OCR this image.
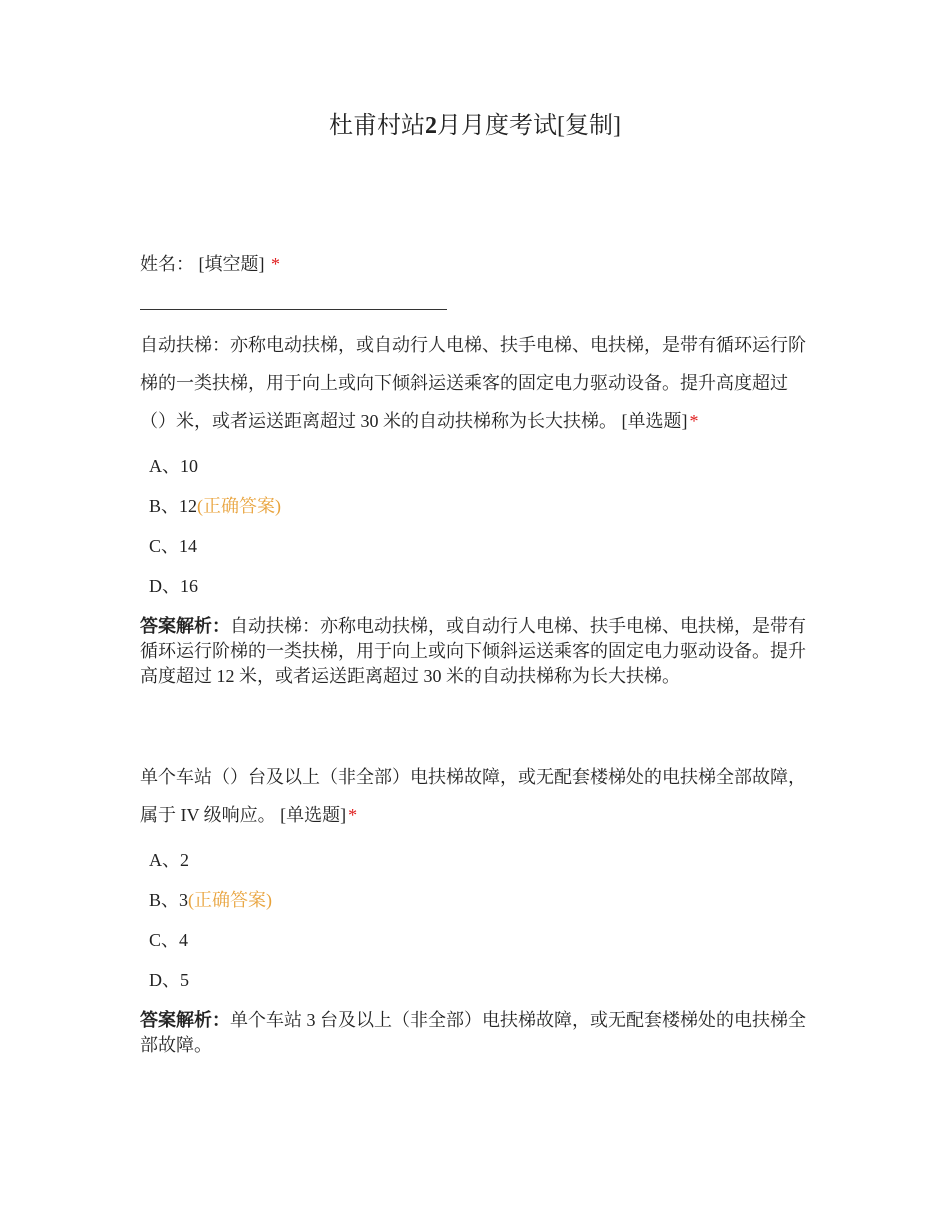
杜甫村站2月月度考试[复制]

姓名： [填空题] *

自动扶梯：亦称电动扶梯，或自动行人电梯、扶手电梯、电扶梯，是带有循环运行阶梯的一类扶梯，用于向上或向下倾斜运送乘客的固定电力驱动设备。提升高度超过（）米，或者运送距离超过 30 米的自动扶梯称为长大扶梯。 [单选题] *

A、10
B、12(正确答案)
C、14
D、16

答案解析：自动扶梯：亦称电动扶梯，或自动行人电梯、扶手电梯、电扶梯，是带有循环运行阶梯的一类扶梯，用于向上或向下倾斜运送乘客的固定电力驱动设备。提升高度超过 12 米，或者运送距离超过 30 米的自动扶梯称为长大扶梯。

单个车站（）台及以上（非全部）电扶梯故障，或无配套楼梯处的电扶梯全部故障，属于 IV 级响应。 [单选题] *

A、2
B、3(正确答案)
C、4
D、5

答案解析：单个车站 3 台及以上（非全部）电扶梯故障，或无配套楼梯处的电扶梯全部故障。
